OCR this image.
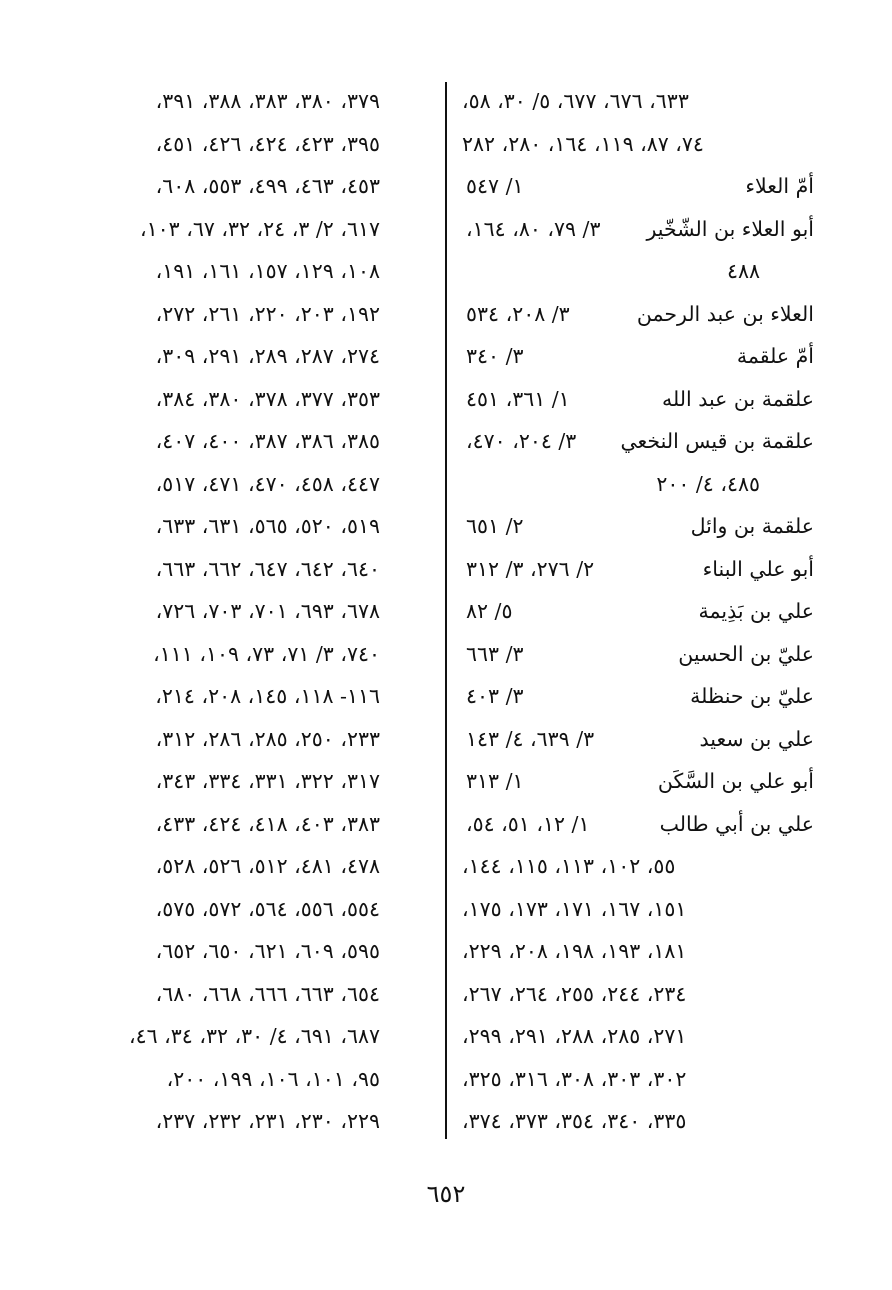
٦٣٣، ٦٧٦، ٦٧٧، ٥/ ٣٠، ٥٨،
٧٤، ٨٧، ١١٩، ١٦٤، ٢٨٠، ٢٨٢
أمّ العلاء
١/ ٥٤٧
أبو العلاء بن الشّخّير
٣/ ٧٩، ٨٠، ١٦٤،
٤٨٨
العلاء بن عبد الرحمن
٣/ ٢٠٨، ٥٣٤
أمّ علقمة
٣/ ٣٤٠
علقمة بن عبد الله
١/ ٣٦١، ٤٥١
علقمة بن قيس النخعي
٣/ ٢٠٤، ٤٧٠،
٤٨٥، ٤/ ٢٠٠
علقمة بن وائل
٢/ ٦٥١
أبو علي البناء
٢/ ٢٧٦، ٣/ ٣١٢
علي بن بَذِيمة
٥/ ٨٢
عليّ بن الحسين
٣/ ٦٦٣
عليّ بن حنظلة
٣/ ٤٠٣
علي بن سعيد
٣/ ٦٣٩، ٤/ ١٤٣
أبو علي بن السَّكَن
١/ ٣١٣
علي بن أبي طالب
١/ ١٢، ٥١، ٥٤،
٥٥، ١٠٢، ١١٣، ١١٥، ١٤٤،
١٥١، ١٦٧، ١٧١، ١٧٣، ١٧٥،
١٨١، ١٩٣، ١٩٨، ٢٠٨، ٢٢٩،
٢٣٤، ٢٤٤، ٢٥٥، ٢٦٤، ٢٦٧،
٢٧١، ٢٨٥، ٢٨٨، ٢٩١، ٢٩٩،
٣٠٢، ٣٠٣، ٣٠٨، ٣١٦، ٣٢٥،
٣٣٥، ٣٤٠، ٣٥٤، ٣٧٣، ٣٧٤،
٣٧٩، ٣٨٠، ٣٨٣، ٣٨٨، ٣٩١،
٣٩٥، ٤٢٣، ٤٢٤، ٤٢٦، ٤٥١،
٤٥٣، ٤٦٣، ٤٩٩، ٥٥٣، ٦٠٨،
٦١٧، ٢/ ٣، ٢٤، ٣٢، ٦٧، ١٠٣،
١٠٨، ١٢٩، ١٥٧، ١٦١، ١٩١،
١٩٢، ٢٠٣، ٢٢٠، ٢٦١، ٢٧٢،
٢٧٤، ٢٨٧، ٢٨٩، ٢٩١، ٣٠٩،
٣٥٣، ٣٧٧، ٣٧٨، ٣٨٠، ٣٨٤،
٣٨٥، ٣٨٦، ٣٨٧، ٤٠٠، ٤٠٧،
٤٤٧، ٤٥٨، ٤٧٠، ٤٧١، ٥١٧،
٥١٩، ٥٢٠، ٥٦٥، ٦٣١، ٦٣٣،
٦٤٠، ٦٤٢، ٦٤٧، ٦٦٢، ٦٦٣،
٦٧٨، ٦٩٣، ٧٠١، ٧٠٣، ٧٢٦،
٧٤٠، ٣/ ٧١، ٧٣، ١٠٩، ١١١،
١١٦- ١١٨، ١٤٥، ٢٠٨، ٢١٤،
٢٣٣، ٢٥٠، ٢٨٥، ٢٨٦، ٣١٢،
٣١٧، ٣٢٢، ٣٣١، ٣٣٤، ٣٤٣،
٣٨٣، ٤٠٣، ٤١٨، ٤٢٤، ٤٣٣،
٤٧٨، ٤٨١، ٥١٢، ٥٢٦، ٥٢٨،
٥٥٤، ٥٥٦، ٥٦٤، ٥٧٢، ٥٧٥،
٥٩٥، ٦٠٩، ٦٢١، ٦٥٠، ٦٥٢،
٦٥٤، ٦٦٣، ٦٦٦، ٦٦٨، ٦٨٠،
٦٨٧، ٦٩١، ٤/ ٣٠، ٣٢، ٣٤، ٤٦،
٩٥، ١٠١، ١٠٦، ١٩٩، ٢٠٠،
٢٢٩، ٢٣٠، ٢٣١، ٢٣٢، ٢٣٧،
٦٥٢
